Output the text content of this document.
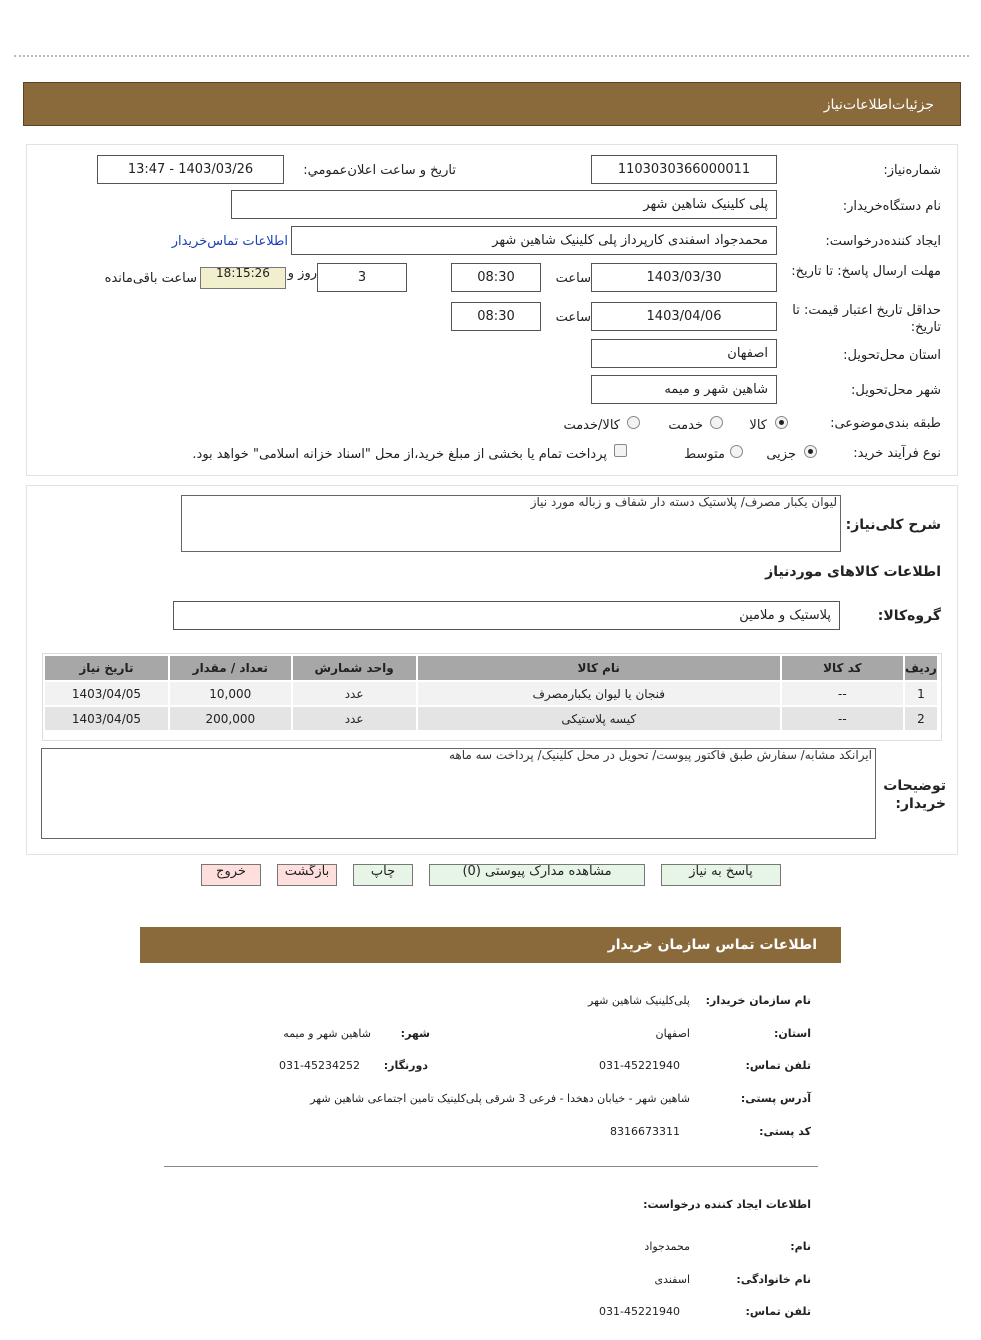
جزئیات‌اطلاعات‌نیاز
شماره‌نیاز:
1103030366000011
تاریخ و ساعت اعلان‌عمومي:
1403/03/26 - 13:47
نام دستگاه‌خريدار:
پلی کلینیک شاهین شهر
ایجاد کننده‌درخواست:
محمدجواد اسفندی کارپرداز پلی کلینیک شاهین شهر
اطلاعات تماس‌خریدار
مهلت ارسال پاسخ: تا تاریخ:
1403/03/30
ساعت
08:30
3
روز و
18:15:26
ساعت باقی‌مانده
حداقل تاریخ اعتبار قیمت: تا تاریخ:
1403/04/06
ساعت
08:30
استان محل‌تحویل:
اصفهان
شهر محل‌تحویل:
شاهین شهر و میمه
طبقه بندی‌موضوعی:
کالا
خدمت
کالا/خدمت
نوع فرآیند خرید:
جزیی
متوسط
پرداخت تمام یا بخشی از مبلغ خرید،از محل "اسناد خزانه اسلامی" خواهد بود.
شرح کلی‌نیاز:
لیوان یکبار مصرف/ پلاستیک دسته دار شفاف و زباله مورد نیاز
اطلاعات کالاهای مورد‌نیاز
گروه‌کالا:
پلاستیک و ملامین
ردیف	کد کالا	نام کالا	واحد شمارش	تعداد / مقدار	تاریخ نیاز
1	--	فنجان یا لیوان یکبارمصرف	عدد	10,000	1403/04/05
2	--	کیسه پلاستیکی	عدد	200,000	1403/04/05
توضیحات خریدار:
ایرانکد مشابه/ سفارش طبق فاکتور پیوست/ تحویل در محل کلینیک/ پرداخت سه ماهه
پاسخ به نیاز
مشاهده مدارک پیوستی (0)
چاپ
بازگشت
خروج
اطلاعات تماس سازمان خریدار
نام سازمان خریدار:
پلی‌کلینیک شاهین شهر
استان:
اصفهان
شهر:
شاهین شهر و میمه
تلفن تماس:
031-45221940
دورنگار:
031-45234252
آدرس پستی:
شاهین شهر - خیابان دهخدا - فرعی 3 شرقی پلی‌کلینیک تامین اجتماعی شاهین شهر
کد پستی:
8316673311
اطلاعات ایجاد کننده درخواست:
نام:
محمدجواد
نام خانوادگی:
اسفندی
تلفن تماس:
031-45221940
